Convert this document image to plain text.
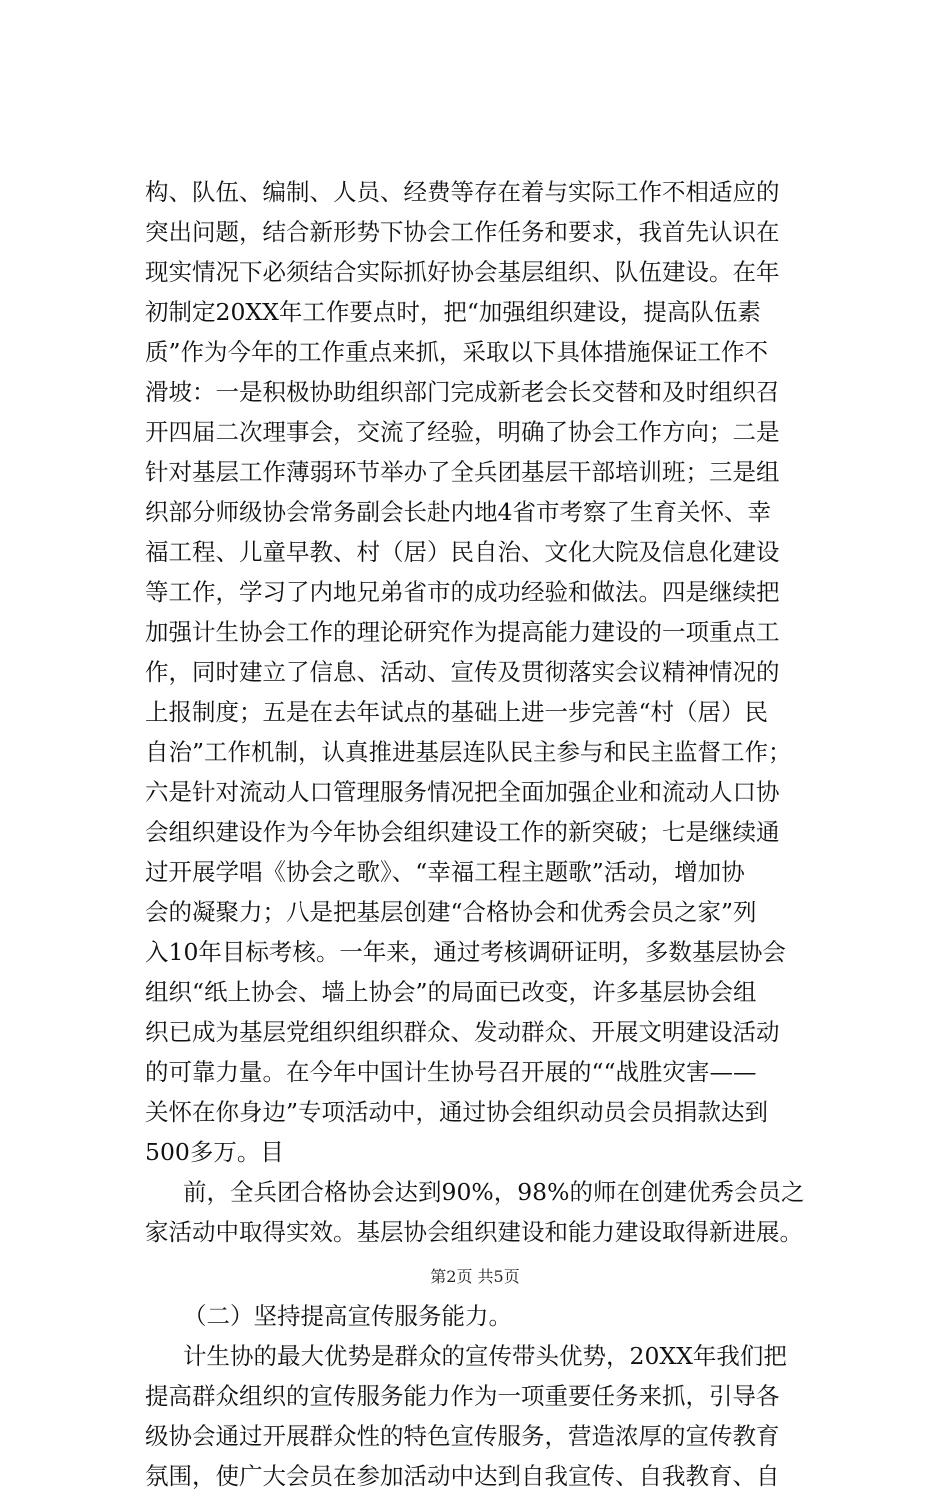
构、队伍、编制、人员、经费等存在着与实际工作不相适应的
突出问题，结合新形势下协会工作任务和要求，我首先认识在
现实情况下必须结合实际抓好协会基层组织、队伍建设。在年
初制定20XX年工作要点时，把“加强组织建设，提高队伍素
质”作为今年的工作重点来抓，采取以下具体措施保证工作不
滑坡：一是积极协助组织部门完成新老会长交替和及时组织召
开四届二次理事会，交流了经验，明确了协会工作方向；二是
针对基层工作薄弱环节举办了全兵团基层干部培训班；三是组
织部分师级协会常务副会长赴内地4省市考察了生育关怀、幸
福工程、儿童早教、村（居）民自治、文化大院及信息化建设
等工作，学习了内地兄弟省市的成功经验和做法。四是继续把
加强计生协会工作的理论研究作为提高能力建设的一项重点工
作，同时建立了信息、活动、宣传及贯彻落实会议精神情况的
上报制度；五是在去年试点的基础上进一步完善“村（居）民
自治”工作机制，认真推进基层连队民主参与和民主监督工作；
六是针对流动人口管理服务情况把全面加强企业和流动人口协
会组织建设作为今年协会组织建设工作的新突破；七是继续通
过开展学唱《协会之歌》、“幸福工程主题歌”活动，增加协
会的凝聚力；八是把基层创建“合格协会和优秀会员之家”列
入10年目标考核。一年来，通过考核调研证明，多数基层协会
组织“纸上协会、墙上协会”的局面已改变，许多基层协会组
织已成为基层党组织组织群众、发动群众、开展文明建设活动
的可靠力量。在今年中国计生协号召开展的““战胜灾害——
关怀在你身边”专项活动中，通过协会组织动员会员捐款达到
500多万。目
前，全兵团合格协会达到90%，98%的师在创建优秀会员之
家活动中取得实效。基层协会组织建设和能力建设取得新进展。
（二）坚持提高宣传服务能力。
计生协的最大优势是群众的宣传带头优势，20XX年我们把
提高群众组织的宣传服务能力作为一项重要任务来抓，引导各
级协会通过开展群众性的特色宣传服务，营造浓厚的宣传教育
氛围，使广大会员在参加活动中达到自我宣传、自我教育、自
第2页 共5页
